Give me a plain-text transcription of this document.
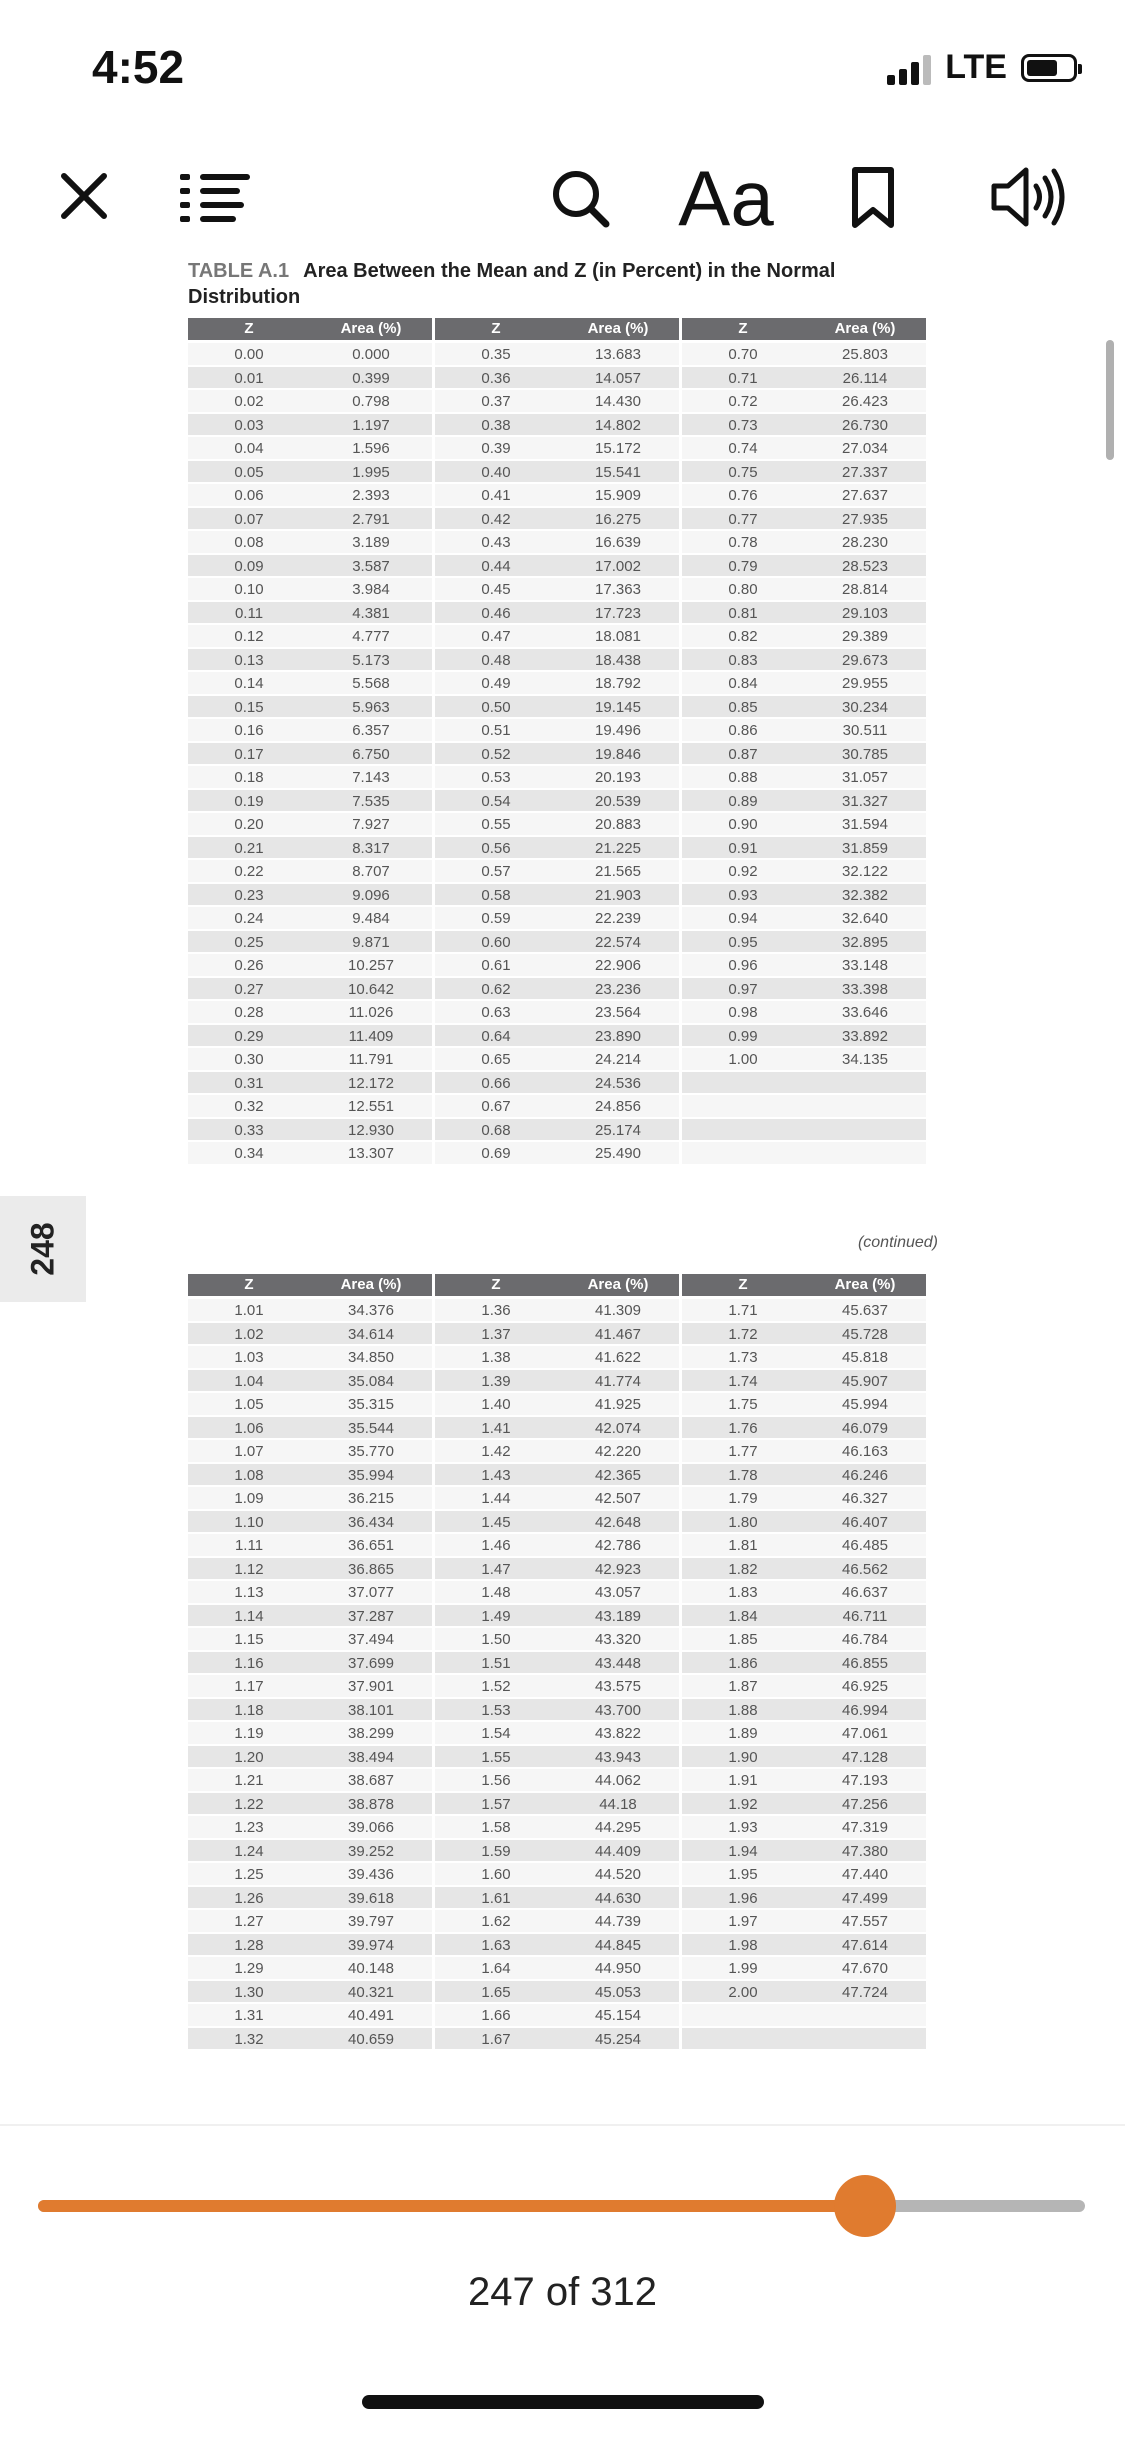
4:52	LTE
Aa
TABLE A.1 Area Between the Mean and Z (in Percent) in the Normal Distribution
Z	Area (%)	Z	Area (%)	Z	Area (%)
0.00	0.000	0.35	13.683	0.70	25.803
0.01	0.399	0.36	14.057	0.71	26.114
0.02	0.798	0.37	14.430	0.72	26.423
0.03	1.197	0.38	14.802	0.73	26.730
0.04	1.596	0.39	15.172	0.74	27.034
0.05	1.995	0.40	15.541	0.75	27.337
0.06	2.393	0.41	15.909	0.76	27.637
0.07	2.791	0.42	16.275	0.77	27.935
0.08	3.189	0.43	16.639	0.78	28.230
0.09	3.587	0.44	17.002	0.79	28.523
0.10	3.984	0.45	17.363	0.80	28.814
0.11	4.381	0.46	17.723	0.81	29.103
0.12	4.777	0.47	18.081	0.82	29.389
0.13	5.173	0.48	18.438	0.83	29.673
0.14	5.568	0.49	18.792	0.84	29.955
0.15	5.963	0.50	19.145	0.85	30.234
0.16	6.357	0.51	19.496	0.86	30.511
0.17	6.750	0.52	19.846	0.87	30.785
0.18	7.143	0.53	20.193	0.88	31.057
0.19	7.535	0.54	20.539	0.89	31.327
0.20	7.927	0.55	20.883	0.90	31.594
0.21	8.317	0.56	21.225	0.91	31.859
0.22	8.707	0.57	21.565	0.92	32.122
0.23	9.096	0.58	21.903	0.93	32.382
0.24	9.484	0.59	22.239	0.94	32.640
0.25	9.871	0.60	22.574	0.95	32.895
0.26	10.257	0.61	22.906	0.96	33.148
0.27	10.642	0.62	23.236	0.97	33.398
0.28	11.026	0.63	23.564	0.98	33.646
0.29	11.409	0.64	23.890	0.99	33.892
0.30	11.791	0.65	24.214	1.00	34.135
0.31	12.172	0.66	24.536
0.32	12.551	0.67	24.856
0.33	12.930	0.68	25.174
0.34	13.307	0.69	25.490
(continued)
Z	Area (%)	Z	Area (%)	Z	Area (%)
1.01	34.376	1.36	41.309	1.71	45.637
1.02	34.614	1.37	41.467	1.72	45.728
1.03	34.850	1.38	41.622	1.73	45.818
1.04	35.084	1.39	41.774	1.74	45.907
1.05	35.315	1.40	41.925	1.75	45.994
1.06	35.544	1.41	42.074	1.76	46.079
1.07	35.770	1.42	42.220	1.77	46.163
1.08	35.994	1.43	42.365	1.78	46.246
1.09	36.215	1.44	42.507	1.79	46.327
1.10	36.434	1.45	42.648	1.80	46.407
1.11	36.651	1.46	42.786	1.81	46.485
1.12	36.865	1.47	42.923	1.82	46.562
1.13	37.077	1.48	43.057	1.83	46.637
1.14	37.287	1.49	43.189	1.84	46.711
1.15	37.494	1.50	43.320	1.85	46.784
1.16	37.699	1.51	43.448	1.86	46.855
1.17	37.901	1.52	43.575	1.87	46.925
1.18	38.101	1.53	43.700	1.88	46.994
1.19	38.299	1.54	43.822	1.89	47.061
1.20	38.494	1.55	43.943	1.90	47.128
1.21	38.687	1.56	44.062	1.91	47.193
1.22	38.878	1.57	44.18	1.92	47.256
1.23	39.066	1.58	44.295	1.93	47.319
1.24	39.252	1.59	44.409	1.94	47.380
1.25	39.436	1.60	44.520	1.95	47.440
1.26	39.618	1.61	44.630	1.96	47.499
1.27	39.797	1.62	44.739	1.97	47.557
1.28	39.974	1.63	44.845	1.98	47.614
1.29	40.148	1.64	44.950	1.99	47.670
1.30	40.321	1.65	45.053	2.00	47.724
1.31	40.491	1.66	45.154
1.32	40.659	1.67	45.254
248
247 of 312
